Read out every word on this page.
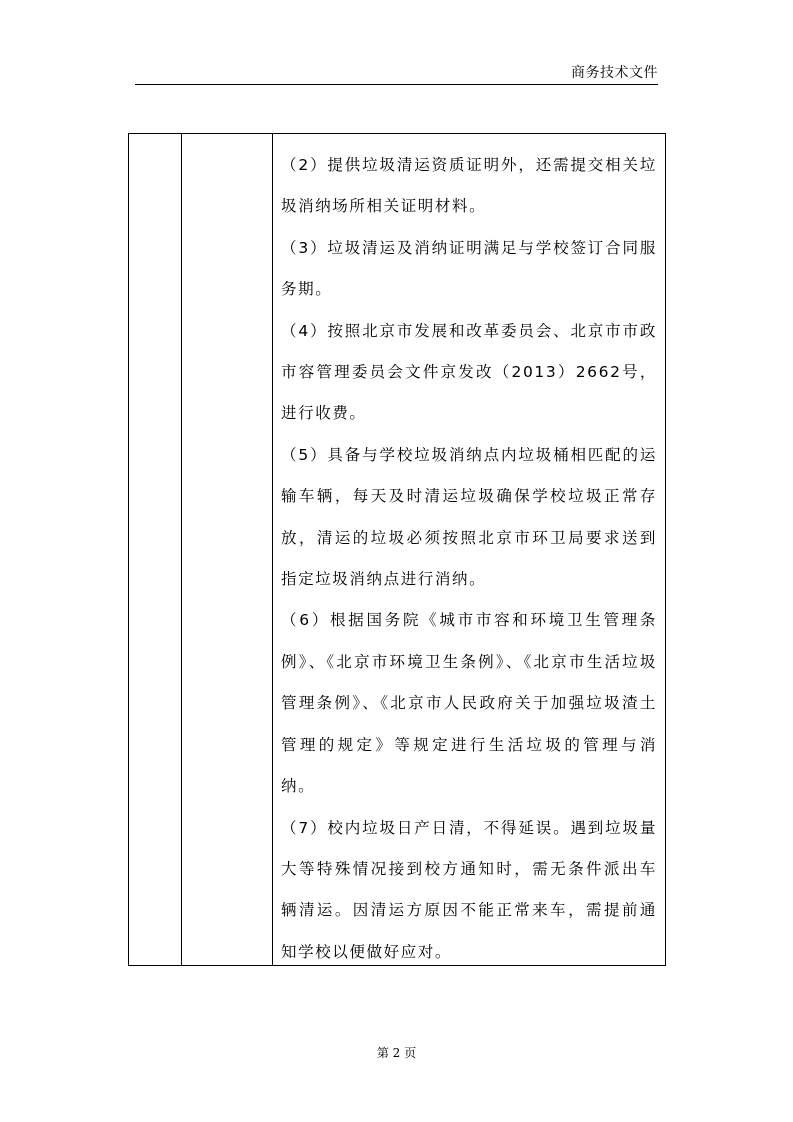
商务技术文件

（2）提供垃圾清运资质证明外，还需提交相关垃圾消纳场所相关证明材料。

（3）垃圾清运及消纳证明满足与学校签订合同服务期。

（4）按照北京市发展和改革委员会、北京市市政市容管理委员会文件京发改（2013）2662号，进行收费。

（5）具备与学校垃圾消纳点内垃圾桶相匹配的运输车辆，每天及时清运垃圾确保学校垃圾正常存放，清运的垃圾必须按照北京市环卫局要求送到指定垃圾消纳点进行消纳。

（6）根据国务院《城市市容和环境卫生管理条例》、《北京市环境卫生条例》、《北京市生活垃圾管理条例》、《北京市人民政府关于加强垃圾渣土管理的规定》等规定进行生活垃圾的管理与消纳。

（7）校内垃圾日产日清，不得延误。遇到垃圾量大等特殊情况接到校方通知时，需无条件派出车辆清运。因清运方原因不能正常来车，需提前通知学校以便做好应对。

第 2 页
